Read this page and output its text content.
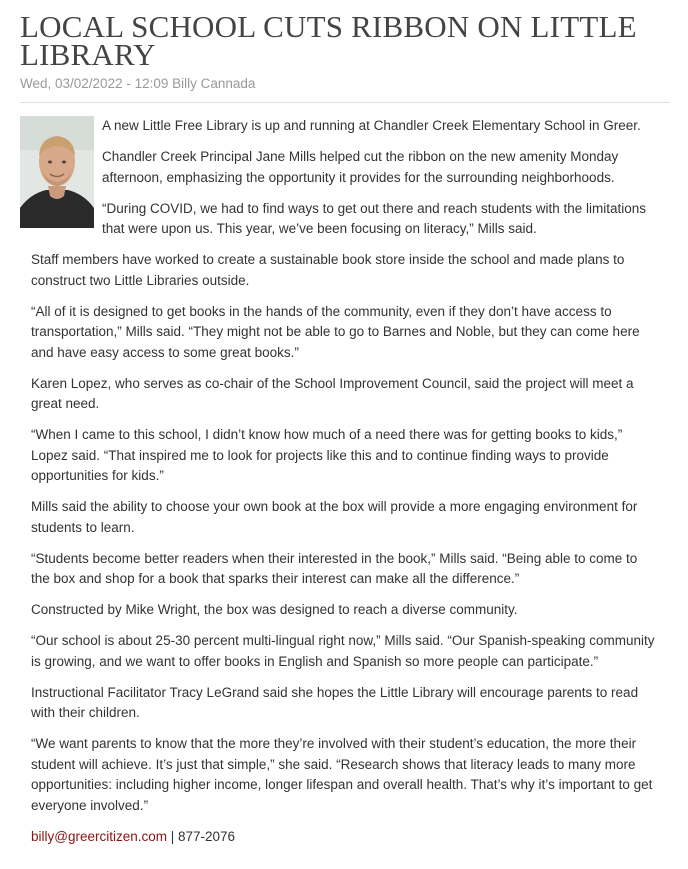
LOCAL SCHOOL CUTS RIBBON ON LITTLE LIBRARY
Wed, 03/02/2022 - 12:09 Billy Cannada

A new Little Free Library is up and running at Chandler Creek Elementary School in Greer.

Chandler Creek Principal Jane Mills helped cut the ribbon on the new amenity Monday afternoon, emphasizing the opportunity it provides for the surrounding neighborhoods.

“During COVID, we had to find ways to get out there and reach students with the limitations that were upon us. This year, we’ve been focusing on literacy,” Mills said.

Staff members have worked to create a sustainable book store inside the school and made plans to construct two Little Libraries outside.

“All of it is designed to get books in the hands of the community, even if they don’t have access to transportation,” Mills said. “They might not be able to go to Barnes and Noble, but they can come here and have easy access to some great books.”

Karen Lopez, who serves as co-chair of the School Improvement Council, said the project will meet a great need.

“When I came to this school, I didn’t know how much of a need there was for getting books to kids,” Lopez said. “That inspired me to look for projects like this and to continue finding ways to provide opportunities for kids.”

Mills said the ability to choose your own book at the box will provide a more engaging environment for students to learn.

“Students become better readers when their interested in the book,” Mills said. “Being able to come to the box and shop for a book that sparks their interest can make all the difference.”

Constructed by Mike Wright, the box was designed to reach a diverse community.

“Our school is about 25-30 percent multi-lingual right now,” Mills said. “Our Spanish-speaking community is growing, and we want to offer books in English and Spanish so more people can participate.”

Instructional Facilitator Tracy LeGrand said she hopes the Little Library will encourage parents to read with their children.

“We want parents to know that the more they’re involved with their student’s education, the more their student will achieve. It’s just that simple,” she said. “Research shows that literacy leads to many more opportunities: including higher income, longer lifespan and overall health. That’s why it’s important to get everyone involved.”

billy@greercitizen.com | 877-2076
